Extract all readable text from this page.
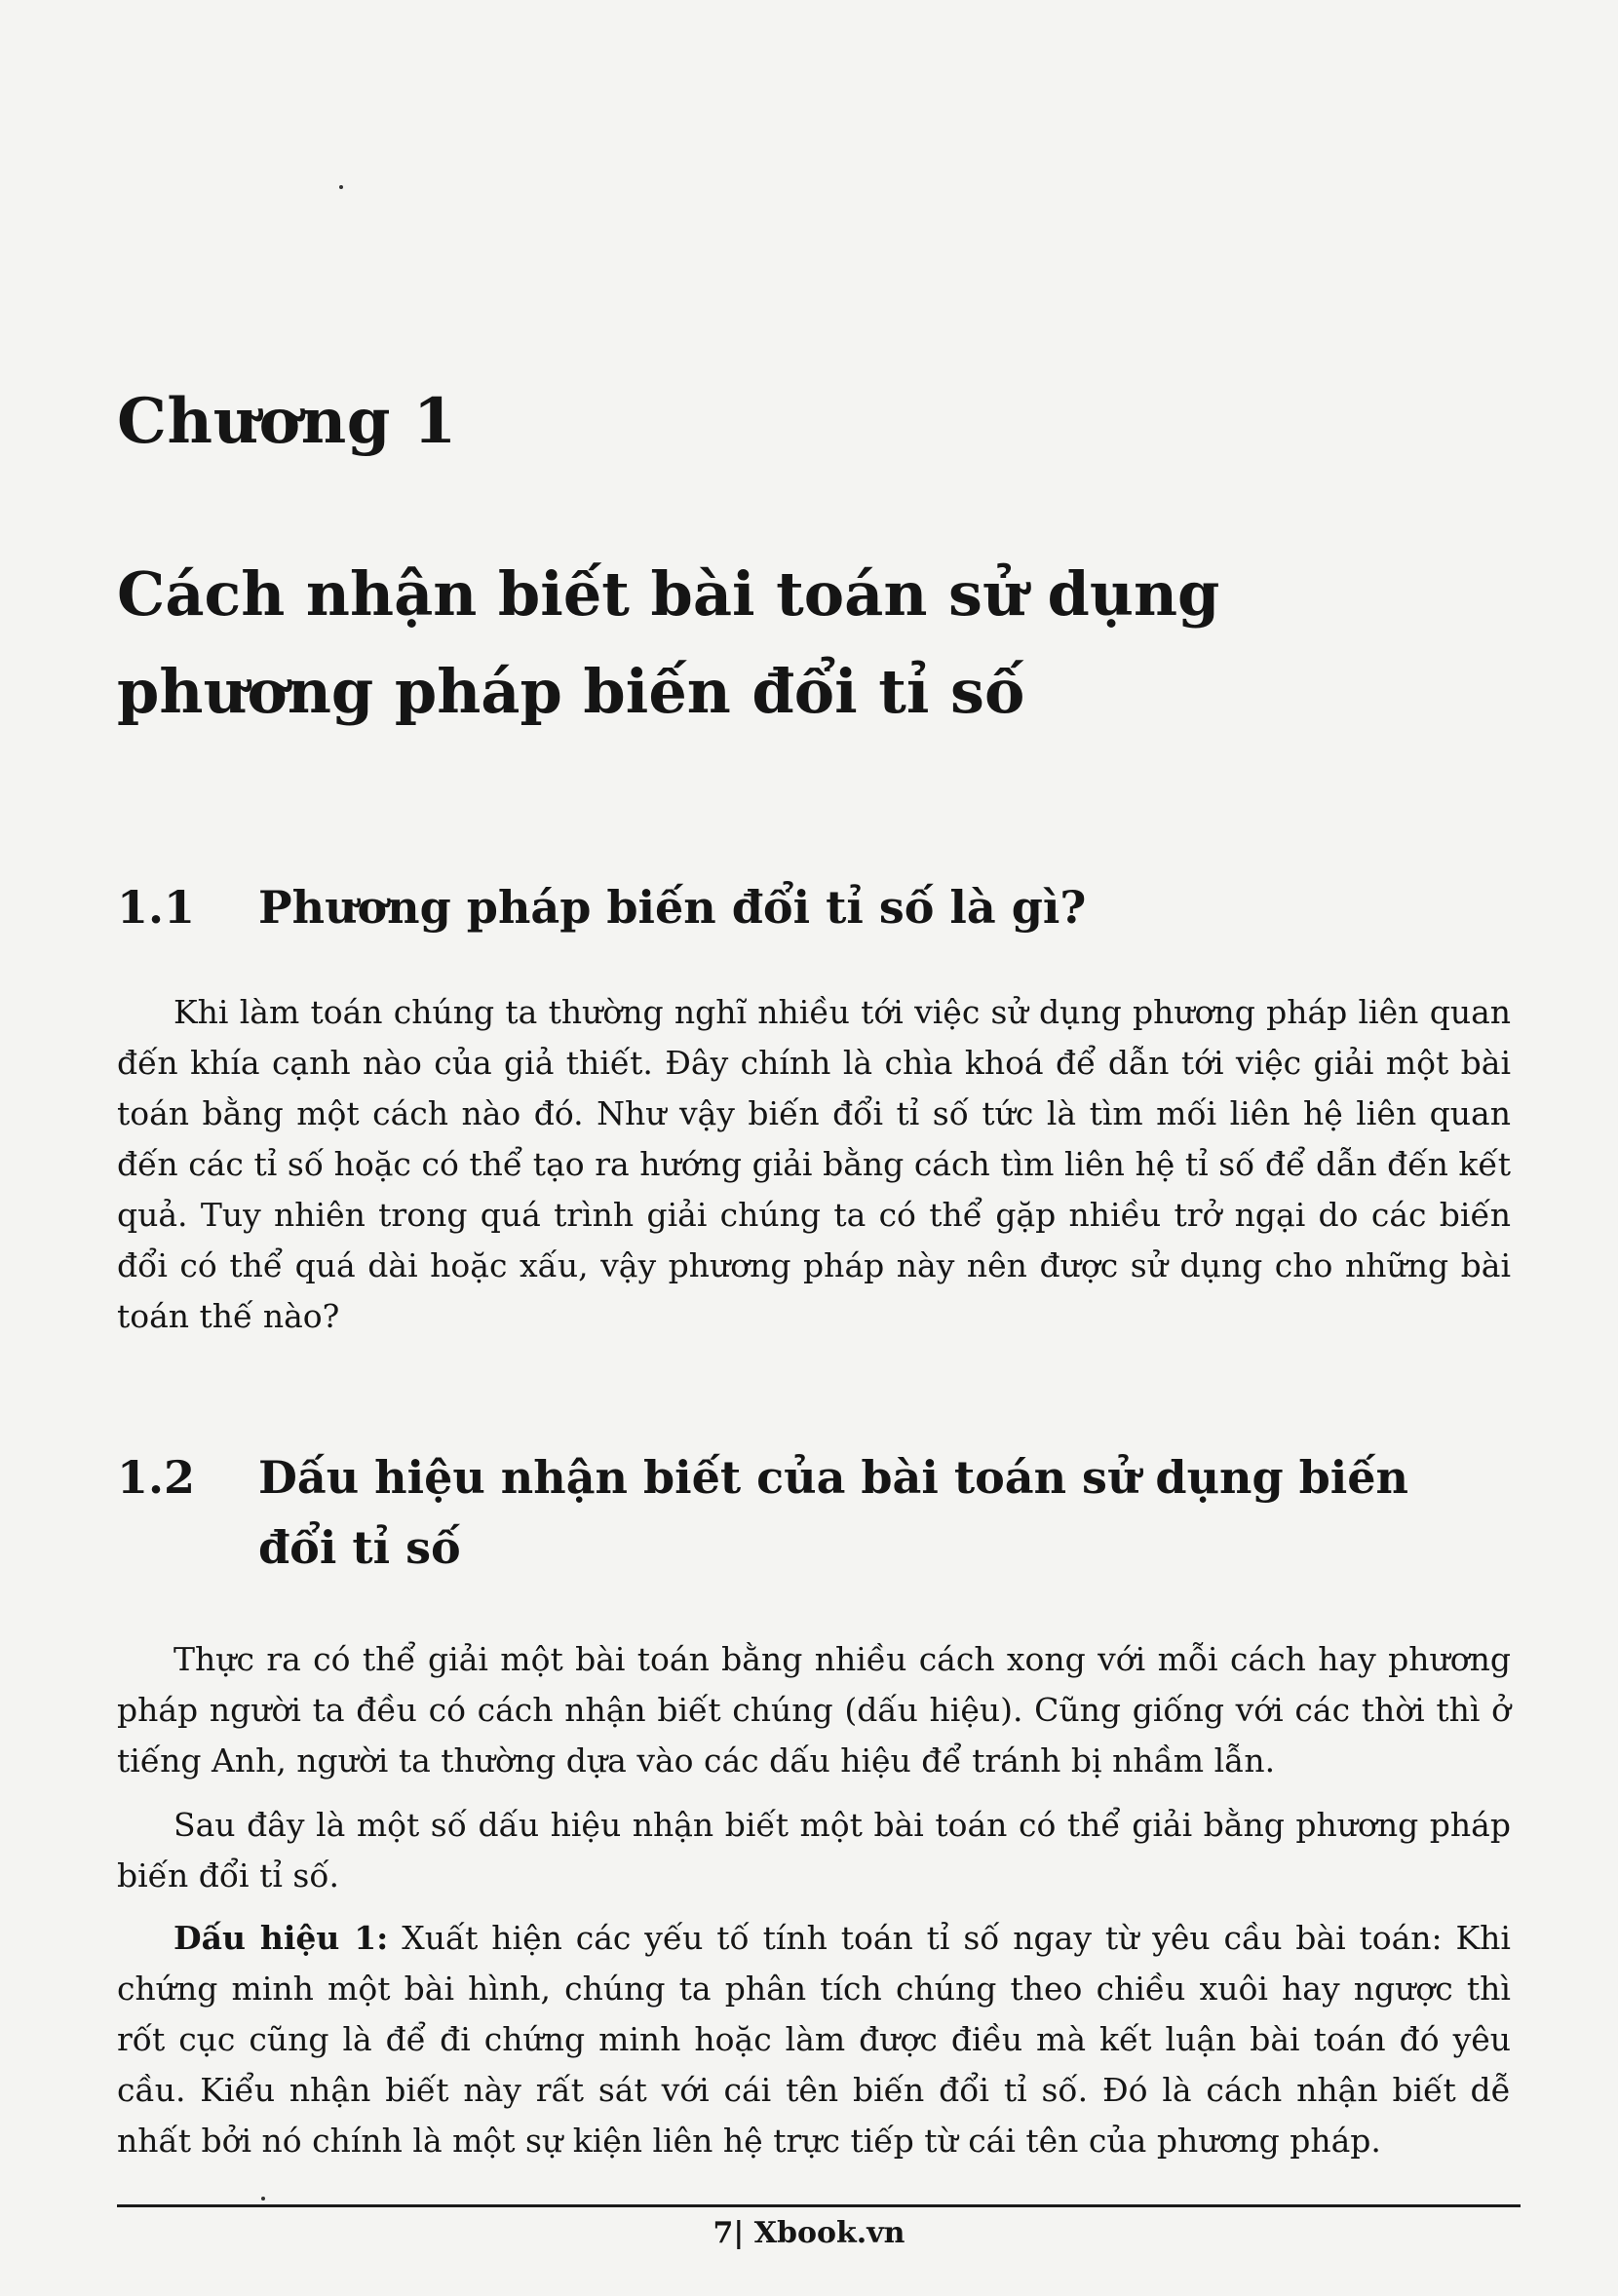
Chương 1
Cách nhận biết bài toán sử dụng phương pháp biến đổi tỉ số
1.1 Phương pháp biến đổi tỉ số là gì?

Khi làm toán chúng ta thường nghĩ nhiều tới việc sử dụng phương pháp liên quan đến khía cạnh nào của giả thiết. Đây chính là chìa khoá để dẫn tới việc giải một bài toán bằng một cách nào đó. Như vậy biến đổi tỉ số tức là tìm mối liên hệ liên quan đến các tỉ số hoặc có thể tạo ra hướng giải bằng cách tìm liên hệ tỉ số để dẫn đến kết quả. Tuy nhiên trong quá trình giải chúng ta có thể gặp nhiều trở ngại do các biến đổi có thể quá dài hoặc xấu, vậy phương pháp này nên được sử dụng cho những bài toán thế nào?

1.2 Dấu hiệu nhận biết của bài toán sử dụng biến đổi tỉ số

Thực ra có thể giải một bài toán bằng nhiều cách xong với mỗi cách hay phương pháp người ta đều có cách nhận biết chúng (dấu hiệu). Cũng giống với các thời thì ở tiếng Anh, người ta thường dựa vào các dấu hiệu để tránh bị nhầm lẫn.

Sau đây là một số dấu hiệu nhận biết một bài toán có thể giải bằng phương pháp biến đổi tỉ số.

Dấu hiệu 1: Xuất hiện các yếu tố tính toán tỉ số ngay từ yêu cầu bài toán: Khi chứng minh một bài hình, chúng ta phân tích chúng theo chiều xuôi hay ngược thì rốt cục cũng là để đi chứng minh hoặc làm được điều mà kết luận bài toán đó yêu cầu. Kiểu nhận biết này rất sát với cái tên biến đổi tỉ số. Đó là cách nhận biết dễ nhất bởi nó chính là một sự kiện liên hệ trực tiếp từ cái tên của phương pháp.

7| Xbook.vn
